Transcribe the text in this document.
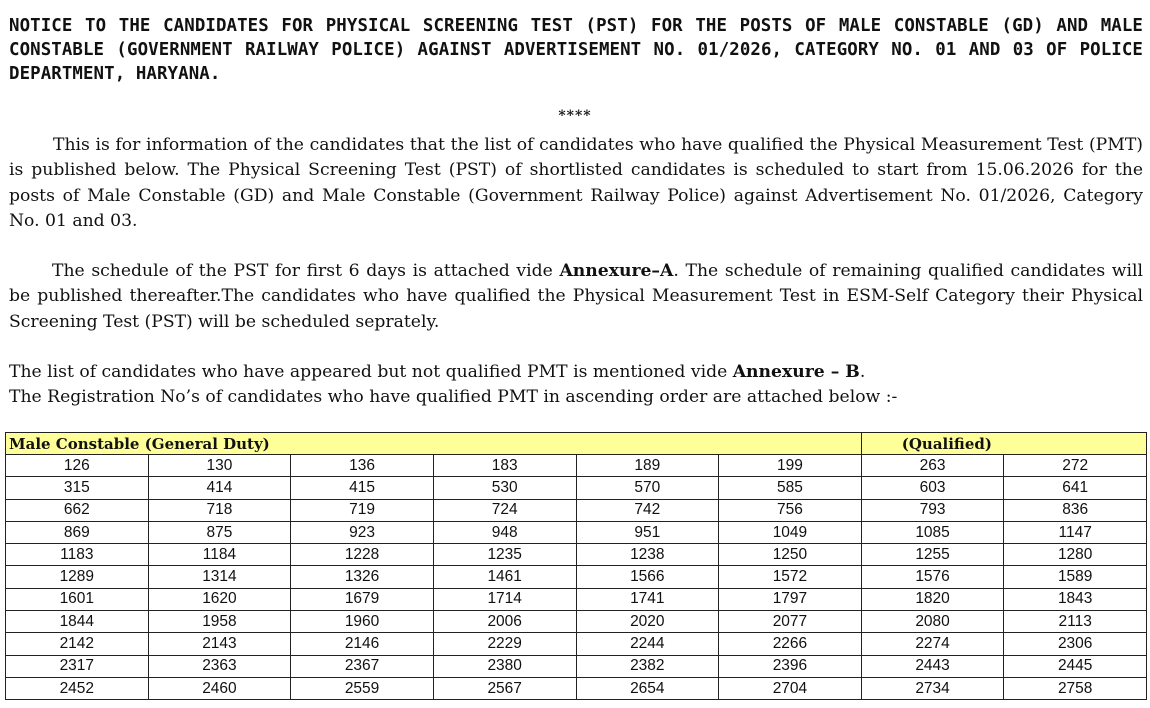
NOTICE TO THE CANDIDATES FOR PHYSICAL SCREENING TEST (PST) FOR THE POSTS OF MALE CONSTABLE (GD) AND MALE CONSTABLE (GOVERNMENT RAILWAY POLICE) AGAINST ADVERTISEMENT NO. 01/2026, CATEGORY NO. 01 AND 03 OF POLICE DEPARTMENT, HARYANA.

****

This is for information of the candidates that the list of candidates who have qualified the Physical Measurement Test (PMT) is published below. The Physical Screening Test (PST) of shortlisted candidates is scheduled to start from 15.06.2026 for the posts of Male Constable (GD) and Male Constable (Government Railway Police) against Advertisement No. 01/2026, Category No. 01 and 03.

The schedule of the PST for first 6 days is attached vide Annexure–A. The schedule of remaining qualified candidates will be published thereafter.The candidates who have qualified the Physical Measurement Test in ESM-Self Category their Physical Screening Test (PST) will be scheduled seprately.

The list of candidates who have appeared but not qualified PMT is mentioned vide Annexure – B.

The Registration No’s of candidates who have qualified PMT in ascending order are attached below :-

Male Constable (General Duty)						(Qualified)	
126	130	136	183	189	199	263	272
315	414	415	530	570	585	603	641
662	718	719	724	742	756	793	836
869	875	923	948	951	1049	1085	1147
1183	1184	1228	1235	1238	1250	1255	1280
1289	1314	1326	1461	1566	1572	1576	1589
1601	1620	1679	1714	1741	1797	1820	1843
1844	1958	1960	2006	2020	2077	2080	2113
2142	2143	2146	2229	2244	2266	2274	2306
2317	2363	2367	2380	2382	2396	2443	2445
2452	2460	2559	2567	2654	2704	2734	2758
